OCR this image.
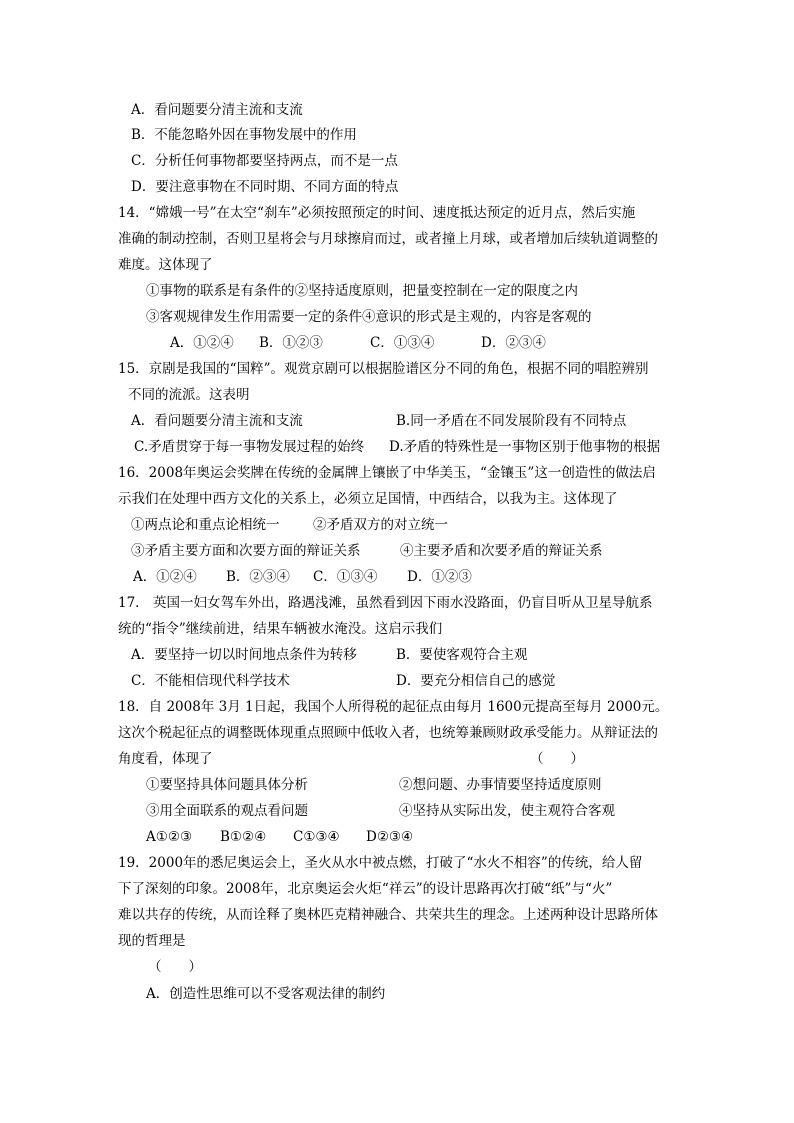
A．看问题要分清主流和支流
B．不能忽略外因在事物发展中的作用
C．分析任何事物都要坚持两点，而不是一点
D．要注意事物在不同时期、不同方面的特点
14．“嫦娥一号”在太空“刹车”必须按照预定的时间、速度抵达预定的近月点，然后实施
准确的制动控制，否则卫星将会与月球擦肩而过，或者撞上月球，或者增加后续轨道调整的
难度。这体现了
①事物的联系是有条件的②坚持适度原则，把量变控制在一定的限度之内
③客观规律发生作用需要一定的条件④意识的形式是主观的，内容是客观的
A．①②④ B．①②③	C．①③④	D．②③④
15．京剧是我国的“国粹”。观赏京剧可以根据脸谱区分不同的角色，根据不同的唱腔辨别
不同的流派。这表明
A．看问题要分清主流和支流	B.同一矛盾在不同发展阶段有不同特点
C.矛盾贯穿于每一事物发展过程的始终 D.矛盾的特殊性是一事物区别于他事物的根据
16．2008年奥运会奖牌在传统的金属牌上镶嵌了中华美玉，“金镶玉”这一创造性的做法启
示我们在处理中西方文化的关系上，必须立足国情，中西结合，以我为主。这体现了
①两点论和重点论相统一 ②矛盾双方的对立统一
③矛盾主要方面和次要方面的辩证关系	④主要矛盾和次要矛盾的辩证关系
A．①②④ B．②③④ C．①③④ D．①②③
17． 英国一妇女驾车外出，路遇浅滩，虽然看到因下雨水没路面，仍盲目听从卫星导航系
统的“指令”继续前进，结果车辆被水淹没。这启示我们
A．要坚持一切以时间地点条件为转移	B．要使客观符合主观
C．不能相信现代科学技术	D．要充分相信自己的感觉
18．自 2008年 3月 1日起，我国个人所得税的起征点由每月 1600元提高至每月 2000元。
这次个税起征点的调整既体现重点照顾中低收入者，也统筹兼顾财政承受能力。从辩证法的
角度看，体现了	（　　）
①要坚持具体问题具体分析	②想问题、办事情要坚持适度原则
③用全面联系的观点看问题	④坚持从实际出发，使主观符合客观
A①②③ B①②④ C①③④ D②③④
19．2000年的悉尼奥运会上，圣火从水中被点燃，打破了“水火不相容”的传统，给人留
下了深刻的印象。2008年，北京奥运会火炬“祥云”的设计思路再次打破“纸”与“火”
难以共存的传统，从而诠释了奥林匹克精神融合、共荣共生的理念。上述两种设计思路所体
现的哲理是
（　　）
A．创造性思维可以不受客观法律的制约
